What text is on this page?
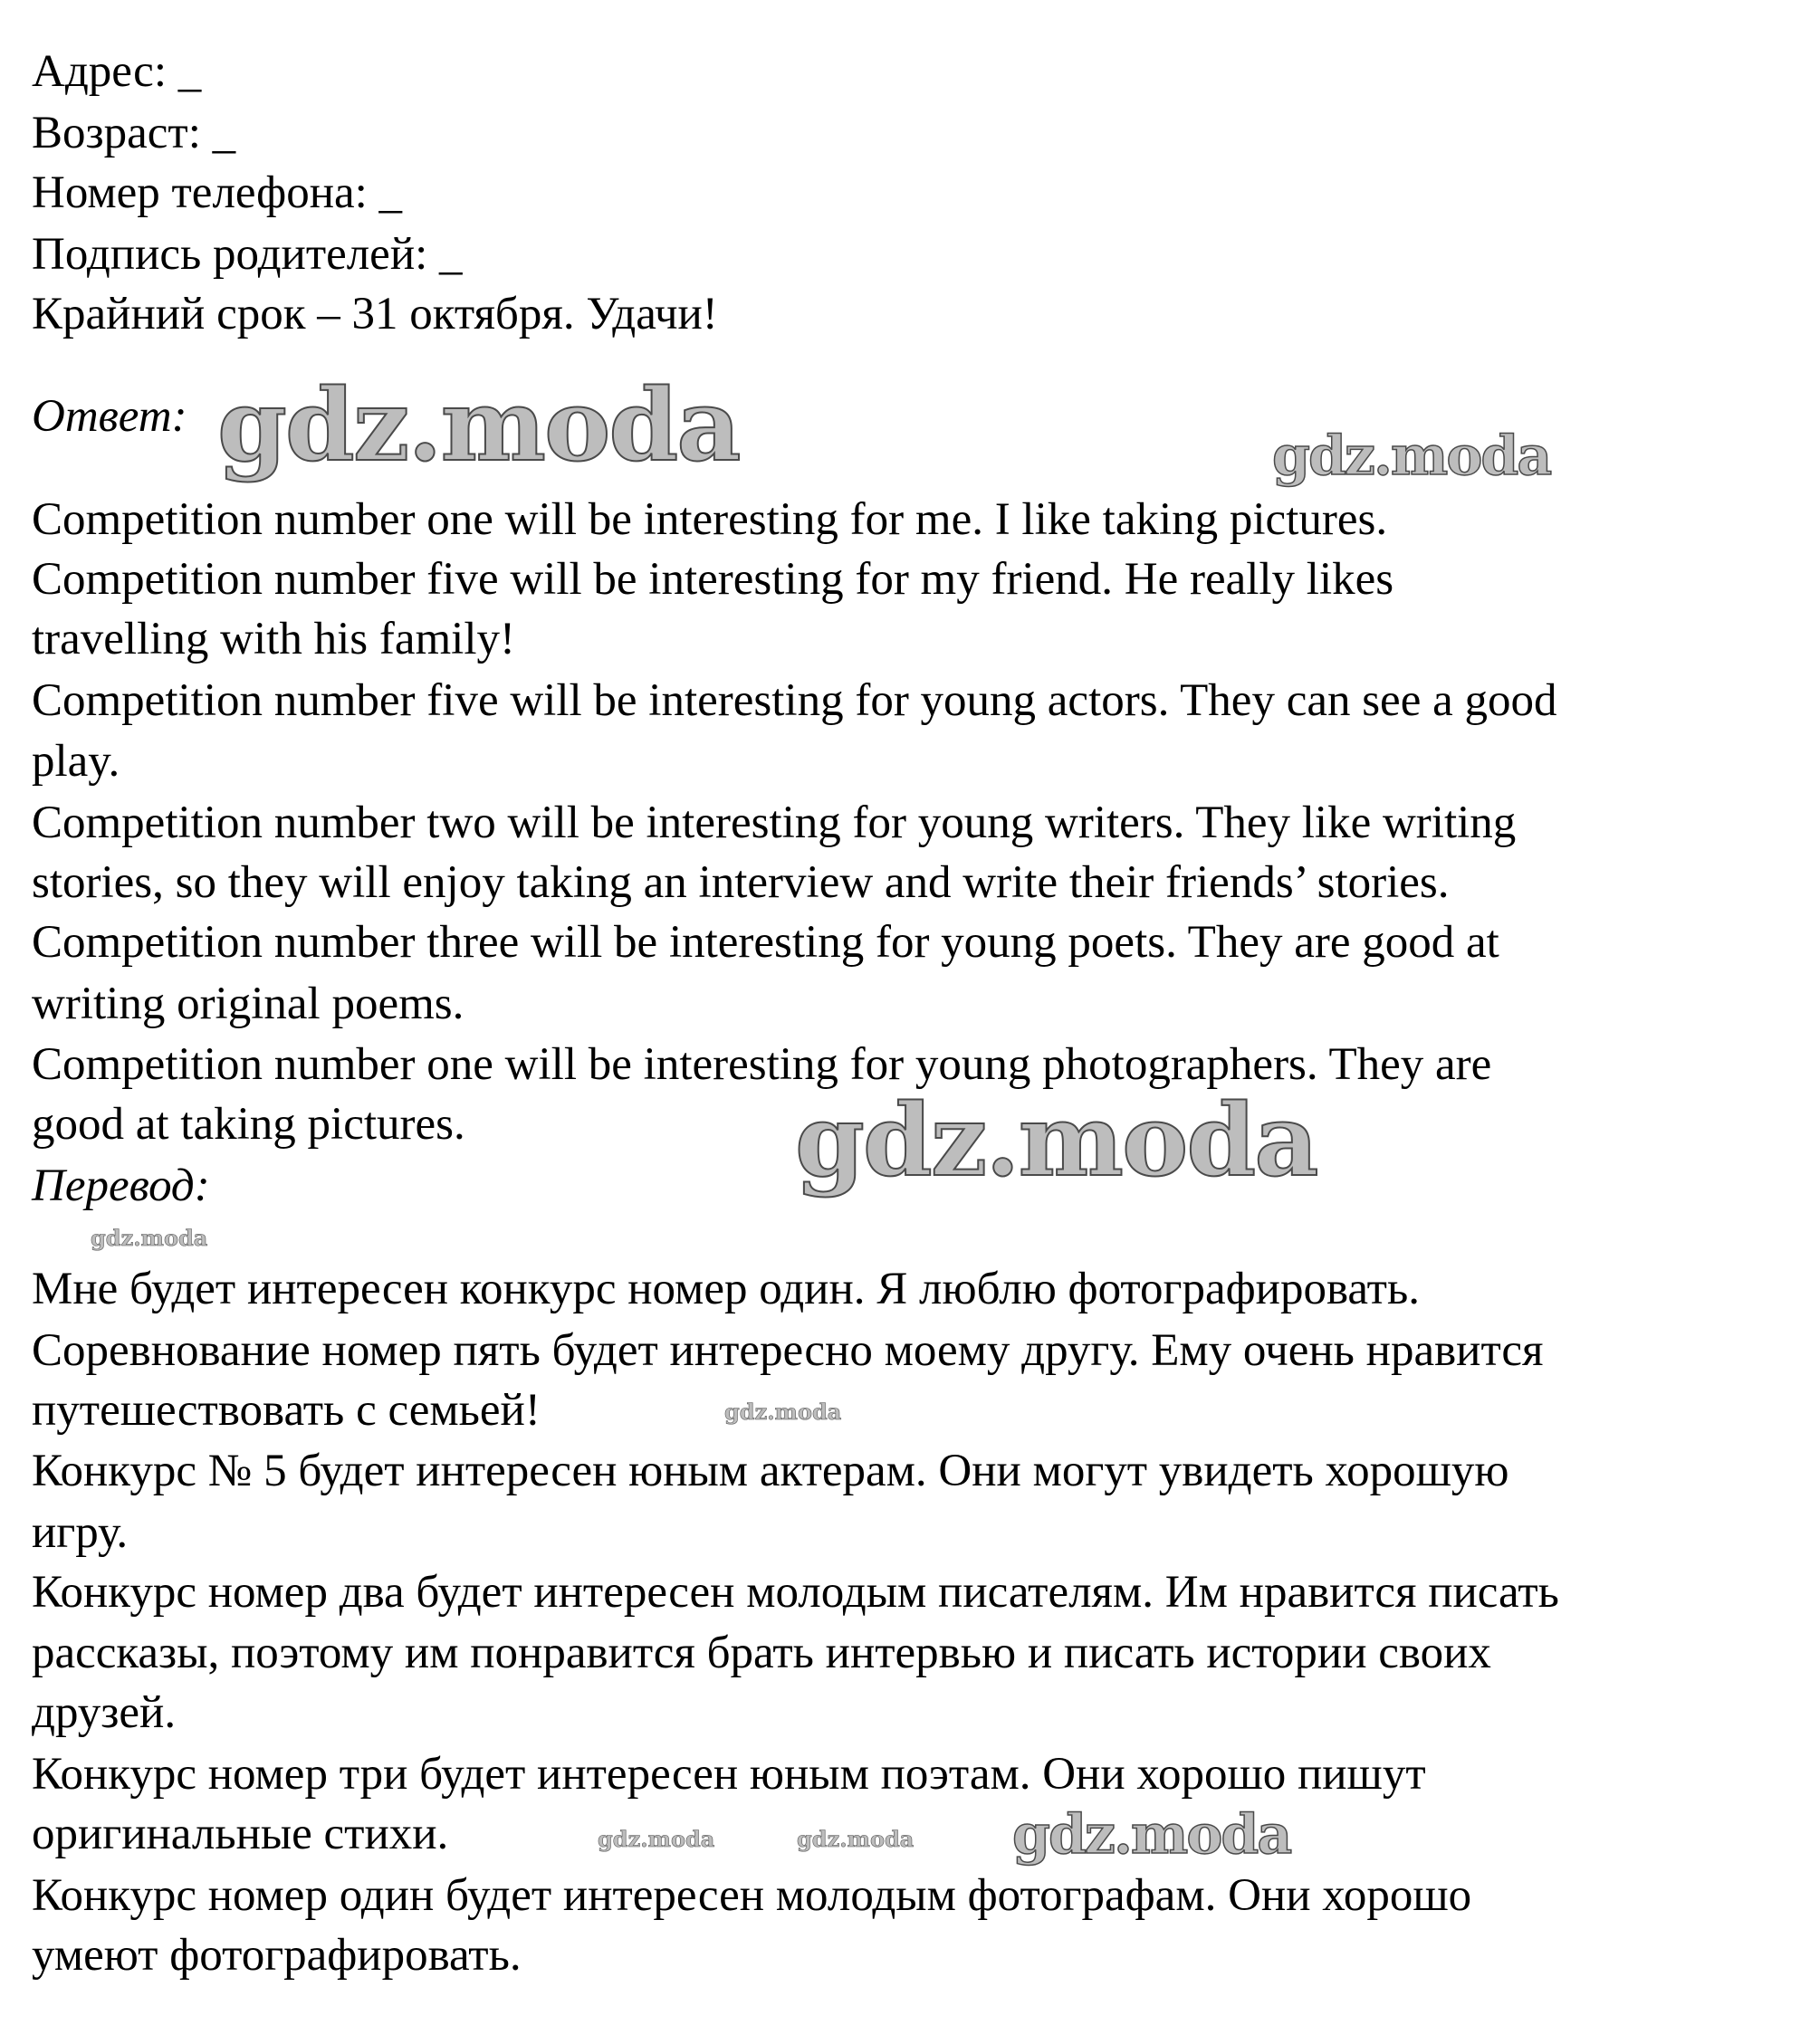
Адрес: _
Возраст: _
Номер телефона: _
Подпись родителей: _
Крайний срок – 31 октября. Удачи!
Ответ:
Competition number one will be interesting for me. I like taking pictures.
Competition number five will be interesting for my friend. He really likes
travelling with his family!
Competition number five will be interesting for young actors. They can see a good
play.
Competition number two will be interesting for young writers. They like writing
stories, so they will enjoy taking an interview and write their friends’ stories.
Competition number three will be interesting for young poets. They are good at
writing original poems.
Competition number one will be interesting for young photographers. They are
good at taking pictures.
Перевод:
Мне будет интересен конкурс номер один. Я люблю фотографировать.
Соревнование номер пять будет интересно моему другу. Ему очень нравится
путешествовать с семьей!
Конкурс № 5 будет интересен юным актерам. Они могут увидеть хорошую
игру.
Конкурс номер два будет интересен молодым писателям. Им нравится писать
рассказы, поэтому им понравится брать интервью и писать истории своих
друзей.
Конкурс номер три будет интересен юным поэтам. Они хорошо пишут
оригинальные стихи.
Конкурс номер один будет интересен молодым фотографам. Они хорошо
умеют фотографировать.
gdz.moda	gdz.moda
gdz.moda
gdz.moda
gdz.moda
gdz.moda
gdz.moda	gdz.moda
